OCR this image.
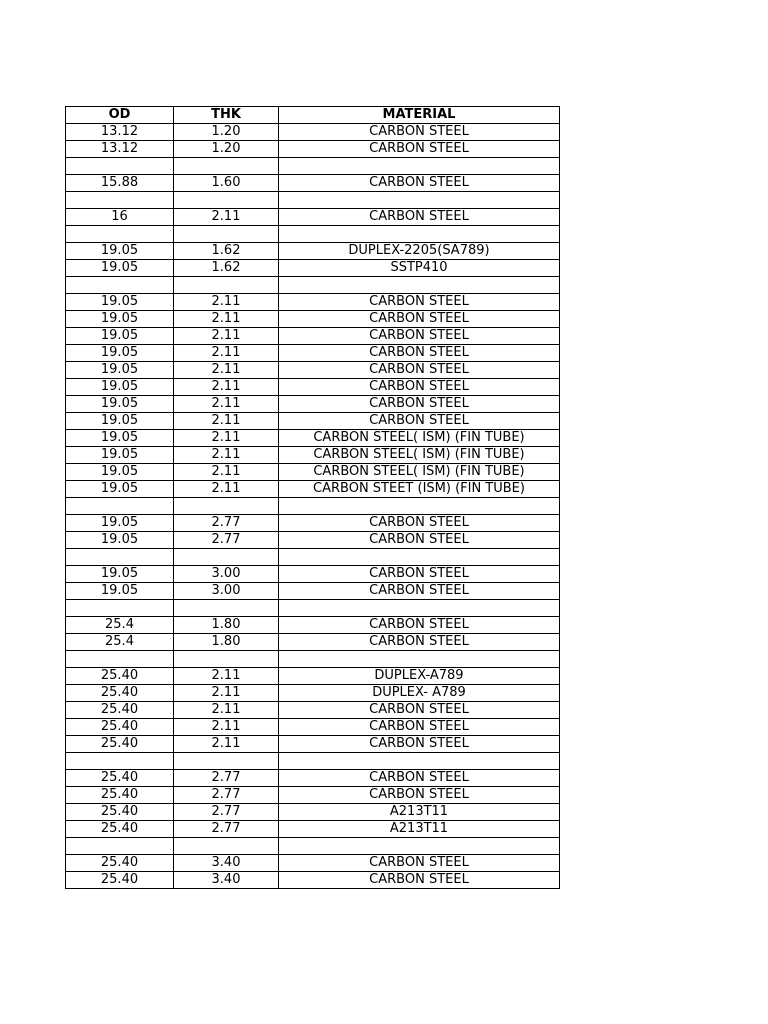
OD	THK	MATERIAL
13.12	1.20	CARBON STEEL
13.12	1.20	CARBON STEEL

15.88	1.60	CARBON STEEL

16	2.11	CARBON STEEL

19.05	1.62	DUPLEX-2205(SA789)
19.05	1.62	SSTP410

19.05	2.11	CARBON STEEL
19.05	2.11	CARBON STEEL
19.05	2.11	CARBON STEEL
19.05	2.11	CARBON STEEL
19.05	2.11	CARBON STEEL
19.05	2.11	CARBON STEEL
19.05	2.11	CARBON STEEL
19.05	2.11	CARBON STEEL
19.05	2.11	CARBON STEEL( ISM) (FIN TUBE)
19.05	2.11	CARBON STEEL( ISM) (FIN TUBE)
19.05	2.11	CARBON STEEL( ISM) (FIN TUBE)
19.05	2.11	CARBON STEET (ISM) (FIN TUBE)

19.05	2.77	CARBON STEEL
19.05	2.77	CARBON STEEL

19.05	3.00	CARBON STEEL
19.05	3.00	CARBON STEEL

25.4	1.80	CARBON STEEL
25.4	1.80	CARBON STEEL

25.40	2.11	DUPLEX-A789
25.40	2.11	DUPLEX- A789
25.40	2.11	CARBON STEEL
25.40	2.11	CARBON STEEL
25.40	2.11	CARBON STEEL

25.40	2.77	CARBON STEEL
25.40	2.77	CARBON STEEL
25.40	2.77	A213T11
25.40	2.77	A213T11

25.40	3.40	CARBON STEEL
25.40	3.40	CARBON STEEL
